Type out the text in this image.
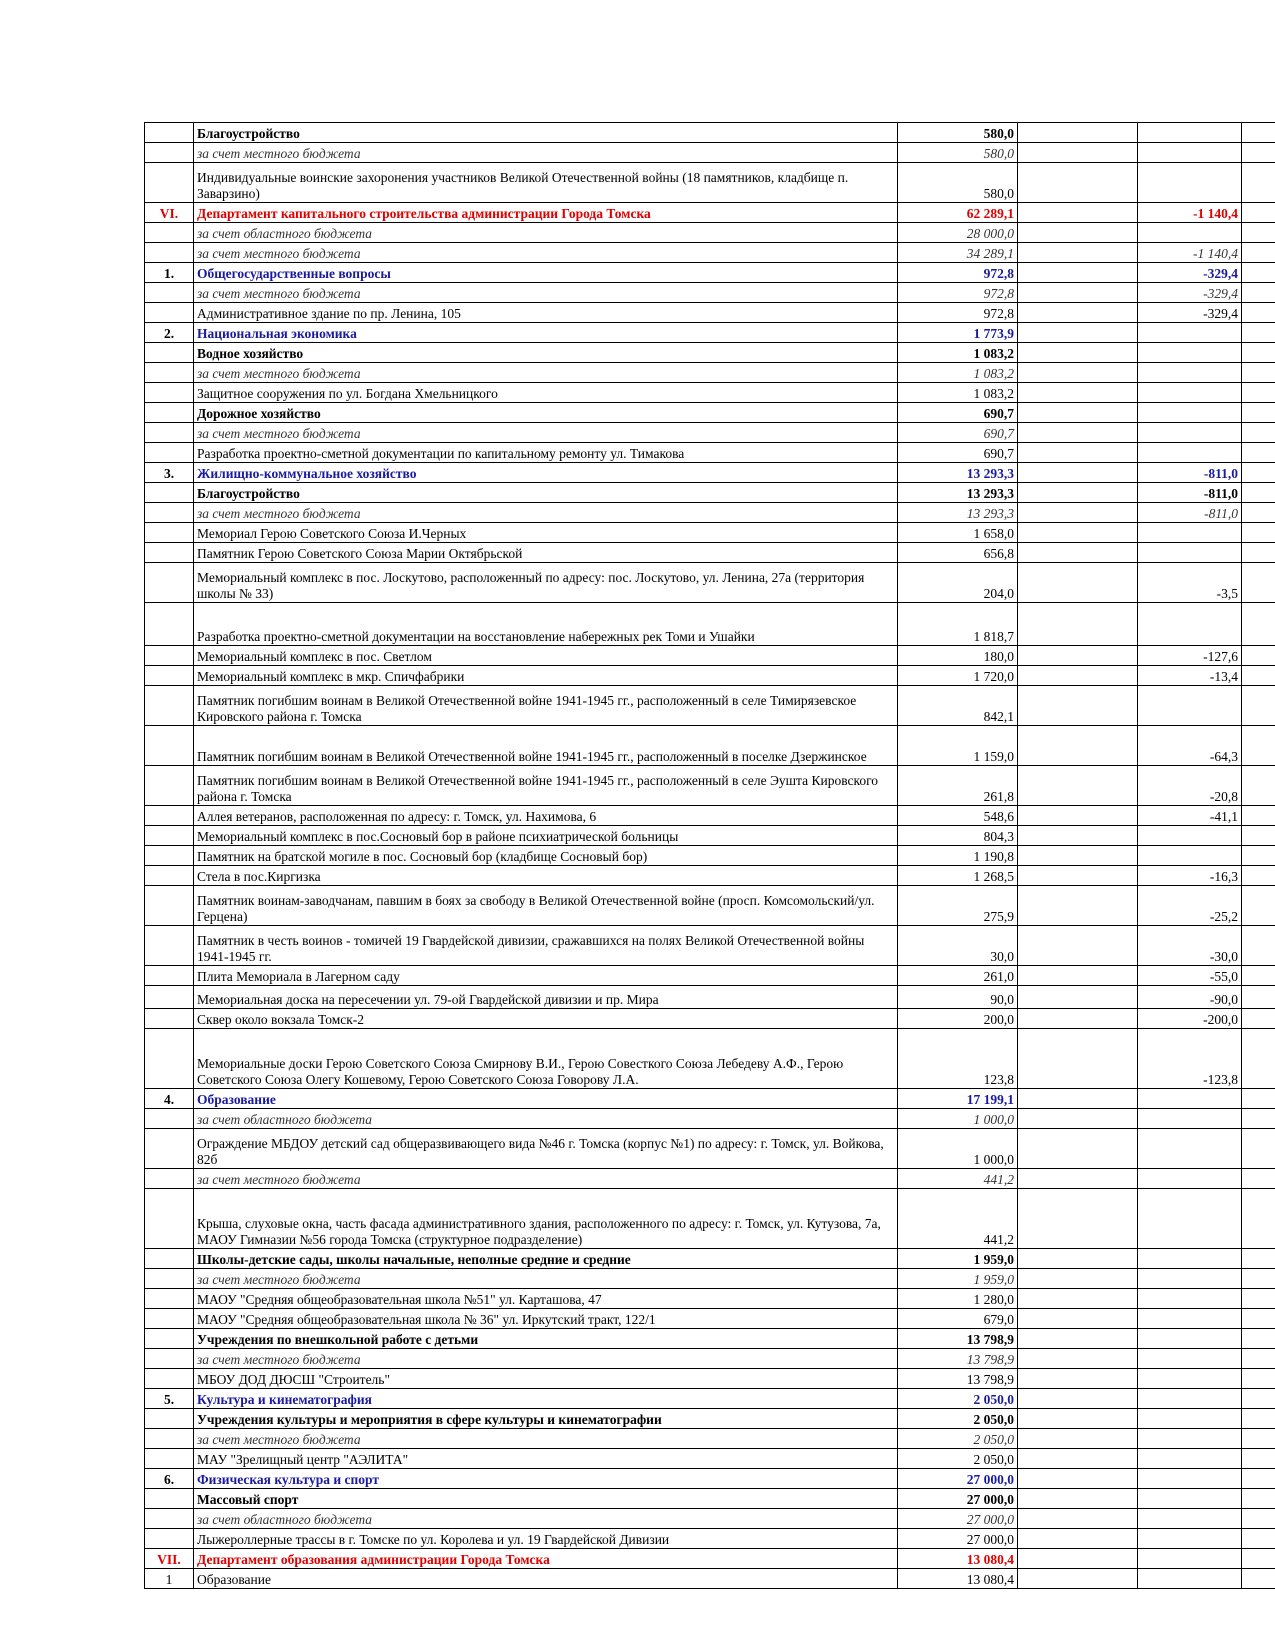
	Благоустройство	580,0			
	за счет местного бюджета	580,0			
	Индивидуальные воинские захоронения участников Великой Отечественной войны (18 памятников, кладбище п. Заварзино)	580,0			
VI.	Департамент капитального строительства администрации Города Томска	62 289,1		-1 140,4	
	за счет областного бюджета	28 000,0			
	за счет местного бюджета	34 289,1		-1 140,4	
1.	Общегосударственные вопросы	972,8		-329,4	
	за счет местного бюджета	972,8		-329,4	
	Административное здание по пр. Ленина, 105	972,8		-329,4	
2.	Национальная экономика	1 773,9			
	Водное хозяйство	1 083,2			
	за счет местного бюджета	1 083,2			
	Защитное сооружения по ул. Богдана Хмельницкого	1 083,2			
	Дорожное хозяйство	690,7			
	за счет местного бюджета	690,7			
	Разработка проектно-сметной документации по капитальному ремонту ул. Тимакова	690,7			
3.	Жилищно-коммунальное хозяйство	13 293,3		-811,0	
	Благоустройство	13 293,3		-811,0	
	за счет местного бюджета	13 293,3		-811,0	
	Мемориал Герою Советского Союза И.Черных	1 658,0			
	Памятник Герою Советского Союза Марии Октябрьской	656,8			
	Мемориальный комплекс в пос. Лоскутово, расположенный по адресу: пос. Лоскутово, ул. Ленина, 27а (территория школы № 33)	204,0		-3,5	
	Разработка проектно-сметной документации на восстановление набережных рек Томи и Ушайки	1 818,7			
	Мемориальный комплекс в пос. Светлом	180,0		-127,6	
	Мемориальный комплекс в мкр. Спичфабрики	1 720,0		-13,4	
	Памятник погибшим воинам в Великой Отечественной войне 1941-1945 гг., расположенный в селе Тимирязевское Кировского района г. Томска	842,1			
	Памятник погибшим воинам в Великой Отечественной войне 1941-1945 гг., расположенный в поселке Дзержинское	1 159,0		-64,3	
	Памятник погибшим воинам в Великой Отечественной войне 1941-1945 гг., расположенный в селе Эушта Кировского района г. Томска	261,8		-20,8	
	Аллея ветеранов, расположенная по адресу: г. Томск, ул. Нахимова, 6	548,6		-41,1	
	Мемориальный комплекс в пос.Сосновый бор в районе психиатрической больницы	804,3			
	Памятник на братской могиле в пос. Сосновый бор (кладбище Сосновый бор)	1 190,8			
	Стела в пос.Киргизка	1 268,5		-16,3	
	Памятник воинам-заводчанам, павшим в боях за свободу в Великой Отечественной войне (просп. Комсомольский/ул. Герцена)	275,9		-25,2	
	Памятник в честь воинов - томичей 19 Гвардейской дивизии, сражавшихся на полях Великой Отечественной войны 1941-1945 гг.	30,0		-30,0	
	Плита Мемориала в Лагерном саду	261,0		-55,0	
	Мемориальная доска на пересечении ул. 79-ой Гвардейской дивизии и пр. Мира	90,0		-90,0	
	Сквер около вокзала Томск-2	200,0		-200,0	
	Мемориальные доски Герою Советского Союза Смирнову В.И., Герою Совесткого Союза Лебедеву А.Ф., Герою Советского Союза Олегу Кошевому, Герою Советского Союза Говорову Л.А.	123,8		-123,8	
4.	Образование	17 199,1			
	за счет областного бюджета	1 000,0			
	Ограждение МБДОУ детский сад общеразвивающего вида №46 г. Томска (корпус №1) по адресу: г. Томск, ул. Войкова, 82б	1 000,0			
	за счет местного бюджета	441,2			
	Крыша, слуховые окна, часть фасада административного здания, расположенного по адресу: г. Томск, ул. Кутузова, 7а, МАОУ Гимназии №56 города Томска (структурное подразделение)	441,2			
	Школы-детские сады, школы начальные, неполные средние и средние	1 959,0			
	за счет местного бюджета	1 959,0			
	МАОУ "Средняя общеобразовательная школа №51" ул. Карташова, 47	1 280,0			
	МАОУ "Средняя общеобразовательная школа № 36" ул. Иркутский тракт, 122/1	679,0			
	Учреждения по внешкольной работе с детьми	13 798,9			
	за счет местного бюджета	13 798,9			
	МБОУ ДОД ДЮСШ "Строитель"	13 798,9			
5.	Культура и кинематография	2 050,0			
	Учреждения культуры и мероприятия в сфере культуры и кинематографии	2 050,0			
	за счет местного бюджета	2 050,0			
	МАУ "Зрелищный центр "АЭЛИТА"	2 050,0			
6.	Физическая культура и спорт	27 000,0			
	Массовый спорт	27 000,0			
	за счет областного бюджета	27 000,0			
	Лыжероллерные трассы в г. Томске по ул. Королева и ул. 19 Гвардейской Дивизии	27 000,0			
VII.	Департамент образования администрации Города Томска	13 080,4			
1	Образование	13 080,4			
